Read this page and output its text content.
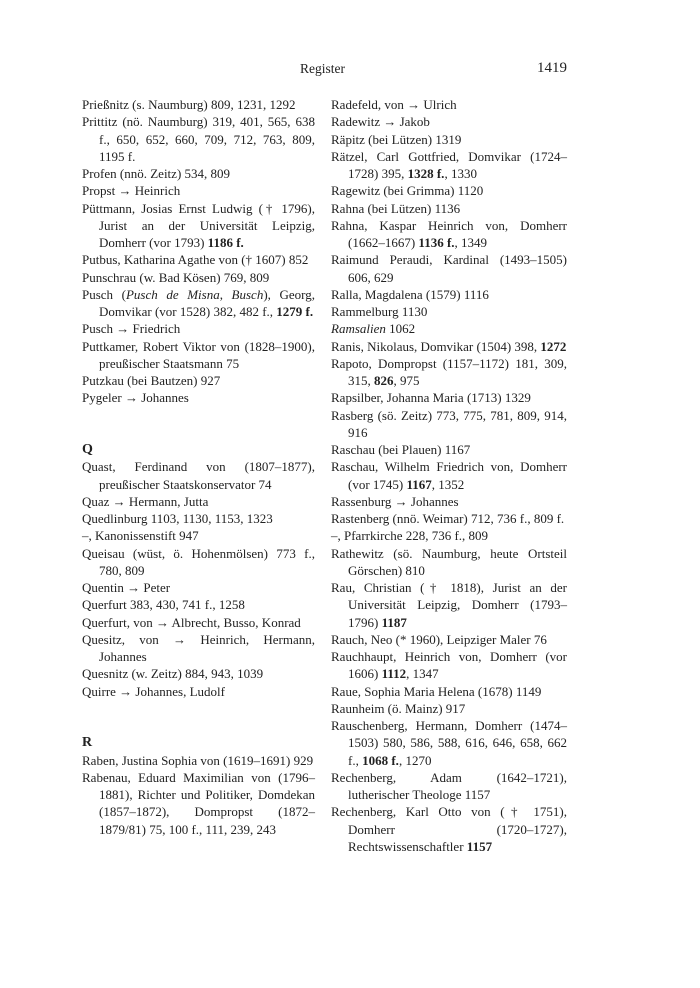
Register	1419
Prießnitz (s. Naumburg) 809, 1231, 1292
Prittitz (nö. Naumburg) 319, 401, 565, 638 f., 650, 652, 660, 709, 712, 763, 809, 1195 f.
Profen (nnö. Zeitz) 534, 809
Propst → Heinrich
Püttmann, Josias Ernst Ludwig († 1796), Jurist an der Universität Leipzig, Domherr (vor 1793) 1186 f.
Putbus, Katharina Agathe von († 1607) 852
Punschrau (w. Bad Kösen) 769, 809
Pusch (Pusch de Misna, Busch), Georg, Domvikar (vor 1528) 382, 482 f., 1279 f.
Pusch → Friedrich
Puttkamer, Robert Viktor von (1828–1900), preußischer Staatsmann 75
Putzkau (bei Bautzen) 927
Pygeler → Johannes
Q
Quast, Ferdinand von (1807–1877), preußischer Staatskonservator 74
Quaz → Hermann, Jutta
Quedlinburg 1103, 1130, 1153, 1323
–, Kanonissenstift 947
Queisau (wüst, ö. Hohenmölsen) 773 f., 780, 809
Quentin → Peter
Querfurt 383, 430, 741 f., 1258
Querfurt, von → Albrecht, Busso, Konrad
Quesitz, von → Heinrich, Hermann, Johannes
Quesnitz (w. Zeitz) 884, 943, 1039
Quirre → Johannes, Ludolf
R
Raben, Justina Sophia von (1619–1691) 929
Rabenau, Eduard Maximilian von (1796–1881), Richter und Politiker, Domdekan (1857–1872), Dompropst (1872–1879/81) 75, 100 f., 111, 239, 243
Radefeld, von → Ulrich
Radewitz → Jakob
Räpitz (bei Lützen) 1319
Rätzel, Carl Gottfried, Domvikar (1724–1728) 395, 1328 f., 1330
Ragewitz (bei Grimma) 1120
Rahna (bei Lützen) 1136
Rahna, Kaspar Heinrich von, Domherr (1662–1667) 1136 f., 1349
Raimund Peraudi, Kardinal (1493–1505) 606, 629
Ralla, Magdalena (1579) 1116
Rammelburg 1130
Ramsalien 1062
Ranis, Nikolaus, Domvikar (1504) 398, 1272
Rapoto, Dompropst (1157–1172) 181, 309, 315, 826, 975
Rapsilber, Johanna Maria (1713) 1329
Rasberg (sö. Zeitz) 773, 775, 781, 809, 914, 916
Raschau (bei Plauen) 1167
Raschau, Wilhelm Friedrich von, Domherr (vor 1745) 1167, 1352
Rassenburg → Johannes
Rastenberg (nnö. Weimar) 712, 736 f., 809 f.
–, Pfarrkirche 228, 736 f., 809
Rathewitz (sö. Naumburg, heute Ortsteil Görschen) 810
Rau, Christian († 1818), Jurist an der Universität Leipzig, Domherr (1793–1796) 1187
Rauch, Neo (* 1960), Leipziger Maler 76
Rauchhaupt, Heinrich von, Domherr (vor 1606) 1112, 1347
Raue, Sophia Maria Helena (1678) 1149
Raunheim (ö. Mainz) 917
Rauschenberg, Hermann, Domherr (1474–1503) 580, 586, 588, 616, 646, 658, 662 f., 1068 f., 1270
Rechenberg, Adam (1642–1721), lutherischer Theologe 1157
Rechenberg, Karl Otto von († 1751), Domherr (1720–1727), Rechtswissenschaftler 1157
